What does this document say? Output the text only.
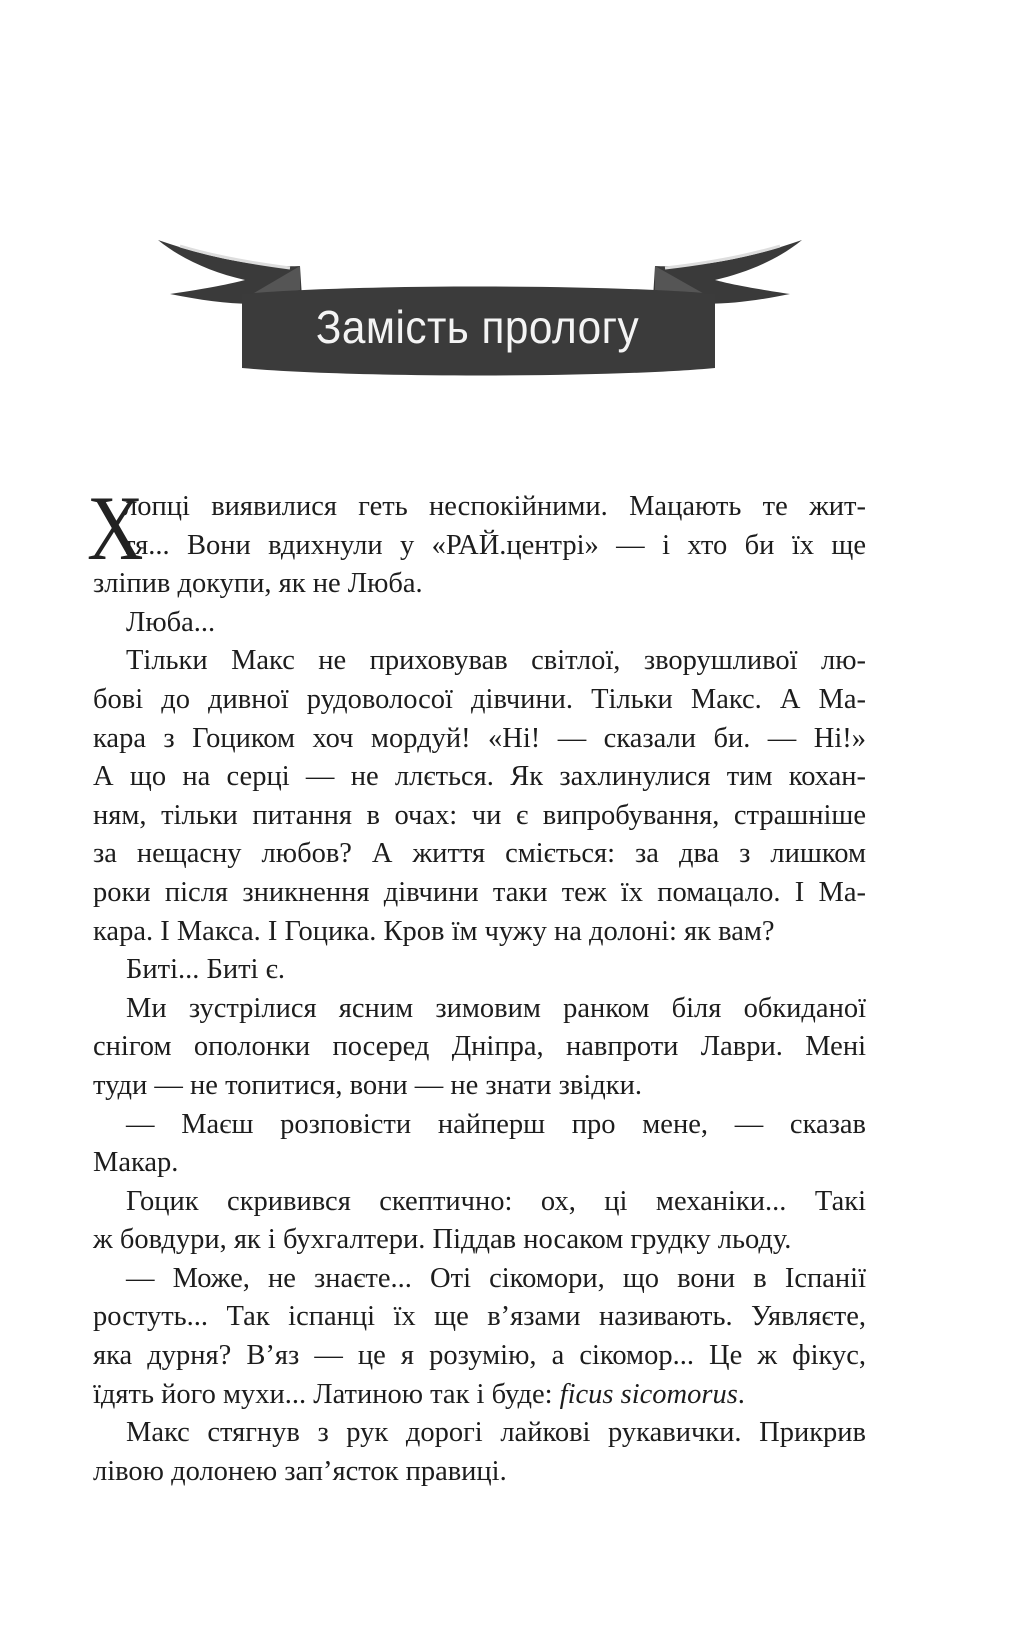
Замість прологу
Х
лопці виявилися геть неспокійними. Мацають те жит-
тя... Вони вдихнули у «РАЙ.центрі» — і хто би їх ще
зліпив докупи, як не Люба.
Люба...
Тільки Макс не приховував світлої, зворушливої лю-
бові до дивної рудоволосої дівчини. Тільки Макс. А Ма-
кара з Гоциком хоч мордуй! «Ні! — сказали би. — Ні!»
А що на серці — не ллється. Як захлинулися тим кохан-
ням, тільки питання в очах: чи є випробування, страшніше
за нещасну любов? А життя сміється: за два з лишком
роки після зникнення дівчини таки теж їх помацало. І Ма-
кара. І Макса. І Гоцика. Кров їм чужу на долоні: як вам?
Биті... Биті є.
Ми зустрілися ясним зимовим ранком біля обкиданої
снігом ополонки посеред Дніпра, навпроти Лаври. Мені
туди — не топитися, вони — не знати звідки.
— Маєш розповісти найперш про мене, — сказав
Макар.
Гоцик скривився скептично: ох, ці механіки... Такі
ж бовдури, як і бухгалтери. Піддав носаком грудку льоду.
— Може, не знаєте... Оті сікомори, що вони в Іспанії
ростуть... Так іспанці їх ще в’язами називають. Уявляєте,
яка дурня? В’яз — це я розумію, а сікомор... Це ж фікус,
їдять його мухи... Латиною так і буде: ficus sicomorus.
Макс стягнув з рук дорогі лайкові рукавички. Прикрив
лівою долонею зап’ясток правиці.
